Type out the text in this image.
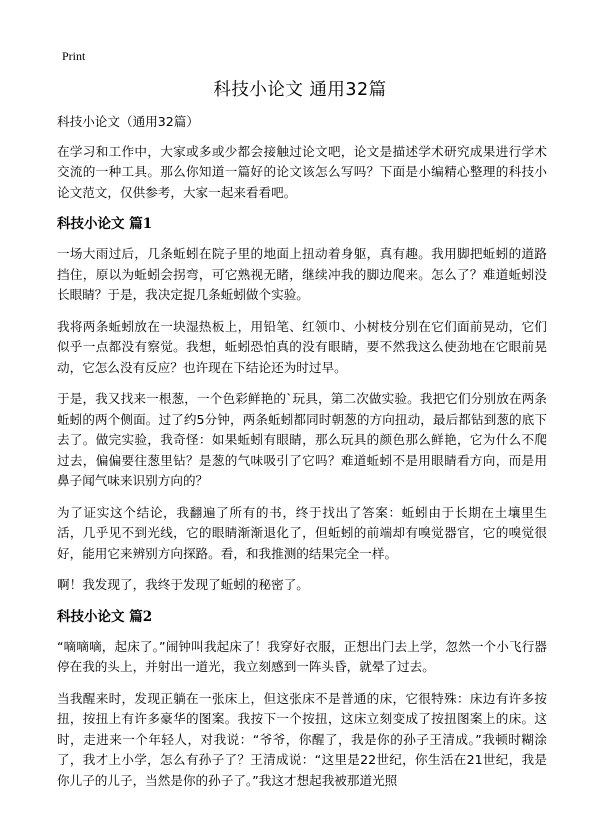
Print
科技小论文 通用32篇

科技小论文（通用32篇）

在学习和工作中，大家或多或少都会接触过论文吧，论文是描述学术研究成果进行学术交流的一种工具。那么你知道一篇好的论文该怎么写吗？下面是小编精心整理的科技小论文范文，仅供参考，大家一起来看看吧。

科技小论文 篇1

一场大雨过后，几条蚯蚓在院子里的地面上扭动着身躯，真有趣。我用脚把蚯蚓的道路挡住，原以为蚯蚓会拐弯，可它熟视无睹，继续冲我的脚边爬来。怎么了？难道蚯蚓没长眼睛？于是，我决定捉几条蚯蚓做个实验。

我将两条蚯蚓放在一块湿热板上，用铅笔、红领巾、小树枝分别在它们面前晃动，它们似乎一点都没有察觉。我想，蚯蚓恐怕真的没有眼睛，要不然我这么使劲地在它眼前晃动，它怎么没有反应？也许现在下结论还为时过早。

于是，我又找来一根葱，一个色彩鲜艳的`玩具，第二次做实验。我把它们分别放在两条蚯蚓的两个侧面。过了约5分钟，两条蚯蚓都同时朝葱的方向扭动，最后都钻到葱的底下去了。做完实验，我奇怪：如果蚯蚓有眼睛，那么玩具的颜色那么鲜艳，它为什么不爬过去，偏偏要往葱里钻？是葱的气味吸引了它吗？难道蚯蚓不是用眼睛看方向，而是用鼻子闻气味来识别方向的？

为了证实这个结论，我翻遍了所有的书，终于找出了答案：蚯蚓由于长期在土壤里生活，几乎见不到光线，它的眼睛渐渐退化了，但蚯蚓的前端却有嗅觉器官，它的嗅觉很好，能用它来辨别方向探路。看，和我推测的结果完全一样。

啊！我发现了，我终于发现了蚯蚓的秘密了。

科技小论文 篇2

“嘀嘀嘀，起床了。”闹钟叫我起床了！我穿好衣服，正想出门去上学，忽然一个小飞行器停在我的头上，并射出一道光，我立刻感到一阵头昏，就晕了过去。

当我醒来时，发现正躺在一张床上，但这张床不是普通的床，它很特殊：床边有许多按扭，按扭上有许多豪华的图案。我按下一个按扭，这床立刻变成了按扭图案上的床。这时，走进来一个年轻人，对我说：“爷爷，你醒了，我是你的孙子王清成。”我顿时糊涂了，我才上小学，怎么有孙子了？王清成说：“这里是22世纪，你生活在21世纪，我是你儿子的儿子，当然是你的孙子了。”我这才想起我被那道光照
